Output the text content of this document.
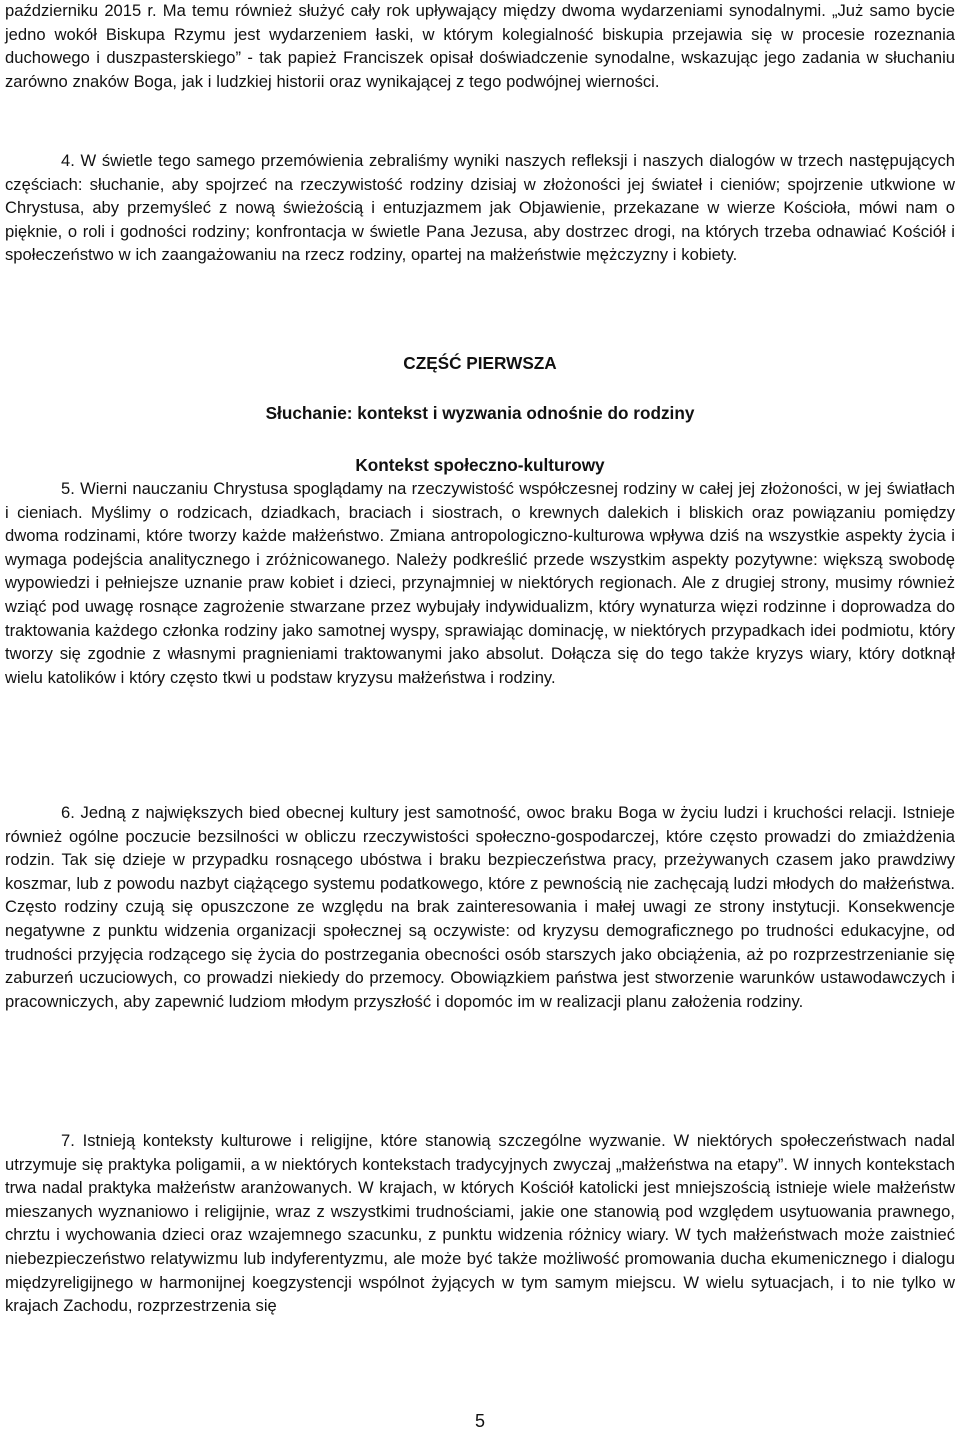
październiku 2015 r. Ma temu również służyć cały rok upływający między dwoma wydarzeniami synodalnymi. „Już samo bycie jedno wokół Biskupa Rzymu jest wydarzeniem łaski, w którym kolegialność biskupia przejawia się w procesie rozeznania duchowego i duszpasterskiego” - tak papież Franciszek opisał doświadczenie synodalne, wskazując jego zadania w słuchaniu zarówno znaków Boga, jak i ludzkiej historii oraz wynikającej z tego podwójnej wierności.

4. W świetle tego samego przemówienia zebraliśmy wyniki naszych refleksji i naszych dialogów w trzech następujących częściach: słuchanie, aby spojrzeć na rzeczywistość rodziny dzisiaj w złożoności jej świateł i cieniów; spojrzenie utkwione w Chrystusa, aby przemyśleć z nową świeżością i entuzjazmem jak Objawienie, przekazane w wierze Kościoła, mówi nam o pięknie, o roli i godności rodziny; konfrontacja w świetle Pana Jezusa, aby dostrzec drogi, na których trzeba odnawiać Kościół i społeczeństwo w ich zaangażowaniu na rzecz rodziny, opartej na małżeństwie mężczyzny i kobiety.

CZĘŚĆ PIERWSZA
Słuchanie: kontekst i wyzwania odnośnie do rodziny
Kontekst społeczno-kulturowy

5. Wierni nauczaniu Chrystusa spoglądamy na rzeczywistość współczesnej rodziny w całej jej złożoności, w jej światłach i cieniach. Myślimy o rodzicach, dziadkach, braciach i siostrach, o krewnych dalekich i bliskich oraz powiązaniu pomiędzy dwoma rodzinami, które tworzy każde małżeństwo. Zmiana antropologiczno-kulturowa wpływa dziś na wszystkie aspekty życia i wymaga podejścia analitycznego i zróżnicowanego. Należy podkreślić przede wszystkim aspekty pozytywne: większą swobodę wypowiedzi i pełniejsze uznanie praw kobiet i dzieci, przynajmniej w niektórych regionach. Ale z drugiej strony, musimy również wziąć pod uwagę rosnące zagrożenie stwarzane przez wybujały indywidualizm, który wynaturza więzi rodzinne i doprowadza do traktowania każdego członka rodziny jako samotnej wyspy, sprawiając dominację, w niektórych przypadkach idei podmiotu, który tworzy się zgodnie z własnymi pragnieniami traktowanymi jako absolut. Dołącza się do tego także kryzys wiary, który dotknął wielu katolików i który często tkwi u podstaw kryzysu małżeństwa i rodziny.

6. Jedną z największych bied obecnej kultury jest samotność, owoc braku Boga w życiu ludzi i kruchości relacji. Istnieje również ogólne poczucie bezsilności w obliczu rzeczywistości społeczno-gospodarczej, które często prowadzi do zmiażdżenia rodzin. Tak się dzieje w przypadku rosnącego ubóstwa i braku bezpieczeństwa pracy, przeżywanych czasem jako prawdziwy koszmar, lub z powodu nazbyt ciążącego systemu podatkowego, które z pewnością nie zachęcają ludzi młodych do małżeństwa. Często rodziny czują się opuszczone ze względu na brak zainteresowania i małej uwagi ze strony instytucji. Konsekwencje negatywne z punktu widzenia organizacji społecznej są oczywiste: od kryzysu demograficznego po trudności edukacyjne, od trudności przyjęcia rodzącego się życia do postrzegania obecności osób starszych jako obciążenia, aż po rozprzestrzenianie się zaburzeń uczuciowych, co prowadzi niekiedy do przemocy. Obowiązkiem państwa jest stworzenie warunków ustawodawczych i pracowniczych, aby zapewnić ludziom młodym przyszłość i dopomóc im w realizacji planu założenia rodziny.

7. Istnieją konteksty kulturowe i religijne, które stanowią szczególne wyzwanie. W niektórych społeczeństwach nadal utrzymuje się praktyka poligamii, a w niektórych kontekstach tradycyjnych zwyczaj „małżeństwa na etapy”. W innych kontekstach trwa nadal praktyka małżeństw aranżowanych. W krajach, w których Kościół katolicki jest mniejszością istnieje wiele małżeństw mieszanych wyznaniowo i religijnie, wraz z wszystkimi trudnościami, jakie one stanowią pod względem usytuowania prawnego, chrztu i wychowania dzieci oraz wzajemnego szacunku, z punktu widzenia różnicy wiary. W tych małżeństwach może zaistnieć niebezpieczeństwo relatywizmu lub indyferentyzmu, ale może być także możliwość promowania ducha ekumenicznego i dialogu międzyreligijnego w harmonijnej koegzystencji wspólnot żyjących w tym samym miejscu. W wielu sytuacjach, i to nie tylko w krajach Zachodu, rozprzestrzenia się

5
